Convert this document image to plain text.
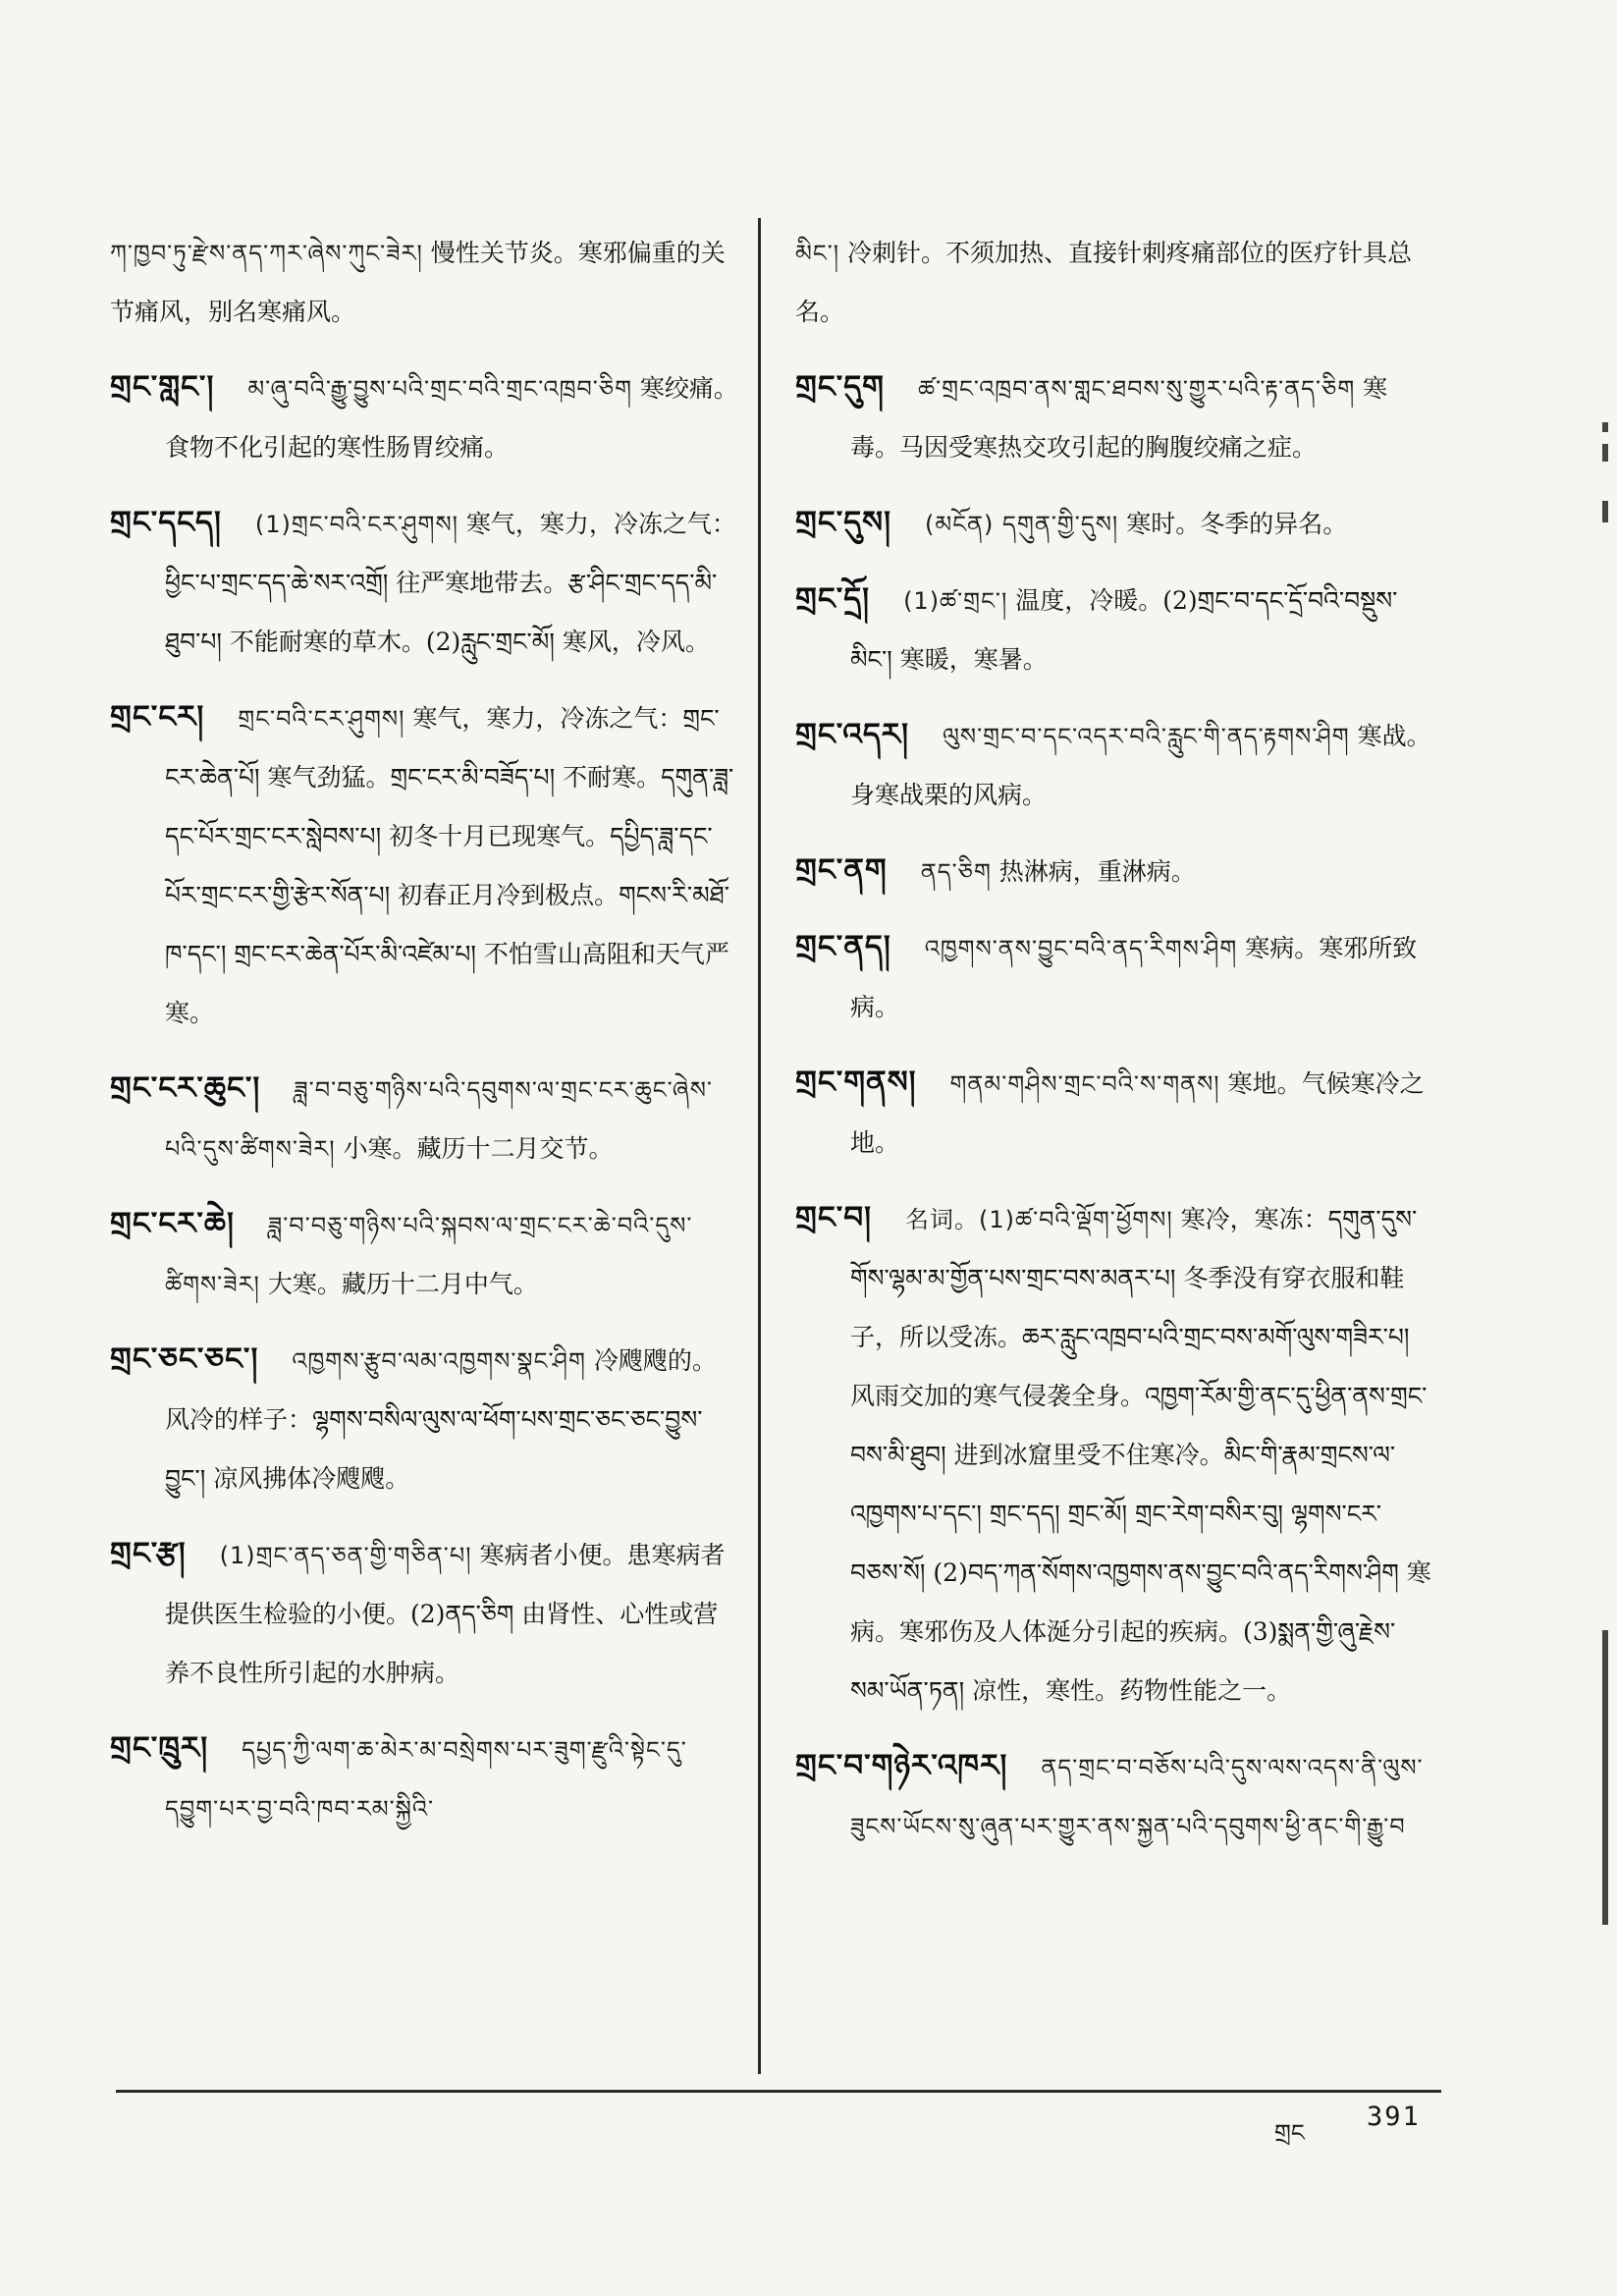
ཀ་ཁྱབ་ཏུ་རྫེས་ནད་ཀར་ཞེས་ཀུང་ཟེར། 慢性关节炎。寒邪偏重的关节痛风，别名寒痛风。
གྲང་གླང་། མ་ཞུ་བའི་རྒྱུ་བྱུས་པའི་གྲང་བའི་གྲང་འཁྲབ་ཅིག 寒绞痛。食物不化引起的寒性肠胃绞痛。
གྲང་དངད། (1)གྲང་བའི་ངར་ཤུགས། 寒气，寒力，冷冻之气：ཕྱིང་པ་གྲང་དད་ཆེ་སར་འགྲོ། 往严寒地带去。རྩ་ཤིང་གྲང་དད་མི་ཐུབ་པ། 不能耐寒的草木。(2)རླུང་གྲང་མོ། 寒风，冷风。
གྲང་ངར། གྲང་བའི་ངར་ཤུགས། 寒气，寒力，冷冻之气：གྲང་ངར་ཆེན་པོ། 寒气劲猛。གྲང་ངར་མི་བཟོད་པ། 不耐寒。དགུན་ཟླ་དང་པོར་གྲང་ངར་སླེབས་པ། 初冬十月已现寒气。དཔྱིད་ཟླ་དང་པོར་གྲང་ངར་གྱི་རྩེར་སོན་པ། 初春正月冷到极点。གངས་རི་མཐོ་ཁ་དང་། གྲང་ངར་ཆེན་པོར་མི་འཛེམ་པ། 不怕雪山高阻和天气严寒。
གྲང་ངར་ཆུང་། ཟླ་བ་བཅུ་གཉིས་པའི་དབུགས་ལ་གྲང་ངར་ཆུང་ཞེས་པའི་དུས་ཚིགས་ཟེར། 小寒。藏历十二月交节。
གྲང་ངར་ཆེ། ཟླ་བ་བཅུ་གཉིས་པའི་སྐབས་ལ་གྲང་ངར་ཆེ་བའི་དུས་ཚིགས་ཟེར། 大寒。藏历十二月中气。
གྲང་ཅང་ཅང་། འཁྱགས་རྩུབ་ལམ་འཁྱགས་སྣང་ཤིག 冷飕飕的。风冷的样子：ལྷགས་བསིལ་ལུས་ལ་ཕོག་པས་གྲང་ཅང་ཅང་བྱུས་བྱུང་། 凉风拂体冷飕飕。
གྲང་རྩ། (1)གྲང་ནད་ཅན་གྱི་གཅིན་པ། 寒病者小便。患寒病者提供医生检验的小便。(2)ནད་ཅིག 由肾性、心性或营养不良性所引起的水肿病。
གྲང་ཁྲུར། དཔྱད་ཀྱི་ལག་ཆ་མེར་མ་བསྲེགས་པར་ཟུག་རྫུའི་སྟེང་དུ་དབྱུག་པར་བྱ་བའི་ཁབ་རམ་སྐྱིའི་
མིང་། 冷刺针。不须加热、直接针刺疼痛部位的医疗针具总名。
གྲང་དུག ཚ་གྲང་འཁྲབ་ནས་གླང་ཐབས་སུ་གྱུར་པའི་རྟ་ནད་ཅིག 寒毒。马因受寒热交攻引起的胸腹绞痛之症。
གྲང་དུས། (མངོན) དགུན་གྱི་དུས། 寒时。冬季的异名。
གྲང་དྲོ། (1)ཚ་གྲང་། 温度，冷暖。(2)གྲང་བ་དང་དྲོ་བའི་བསྡུས་མིང་། 寒暖，寒暑。
གྲང་འདར། ལུས་གྲང་བ་དང་འདར་བའི་རླུང་གི་ནད་རྟགས་ཤིག 寒战。身寒战栗的风病。
གྲང་ནག ནད་ཅིག 热淋病，重淋病。
གྲང་ནད། འཁྱགས་ནས་བྱུང་བའི་ནད་རིགས་ཤིག 寒病。寒邪所致病。
གྲང་གནས། གནམ་གཤིས་གྲང་བའི་ས་གནས། 寒地。气候寒冷之地。
གྲང་བ། 名词。(1)ཚ་བའི་ལྡོག་ཕྱོགས། 寒冷，寒冻：དགུན་དུས་གོས་ལྷམ་མ་གྱོན་པས་གྲང་བས་མནར་པ། 冬季没有穿衣服和鞋子，所以受冻。ཆར་རླུང་འཁྲབ་པའི་གྲང་བས་མགོ་ལུས་གཟིར་པ། 风雨交加的寒气侵袭全身。འཁྱག་རོམ་གྱི་ནང་དུ་ཕྱིན་ནས་གྲང་བས་མི་ཐུབ། 进到冰窟里受不住寒冷。མིང་གི་རྣམ་གྲངས་ལ་འཁྱགས་པ་དང་། གྲང་དད། གྲང་མོ། གྲང་རེག་བསིར་བུ། ལྷགས་ངར་བཅས་སོ། (2)བད་ཀན་སོགས་འཁྱགས་ནས་བྱུང་བའི་ནད་རིགས་ཤིག 寒病。寒邪伤及人体涎分引起的疾病。(3)སྨན་གྱི་ཞུ་རྗེས་སམ་ཡོན་ཏན། 凉性，寒性。药物性能之一。
གྲང་བ་གཉེར་འཁར། ནད་གྲང་བ་བཅོས་པའི་དུས་ལས་འདས་ནི་ལུས་ཟུངས་ཡོངས་སུ་ཞུན་པར་གྱུར་ནས་སྐྱན་པའི་དབུགས་ཕྱི་ནང་གི་རྒྱུ་བ
གྲང
391
